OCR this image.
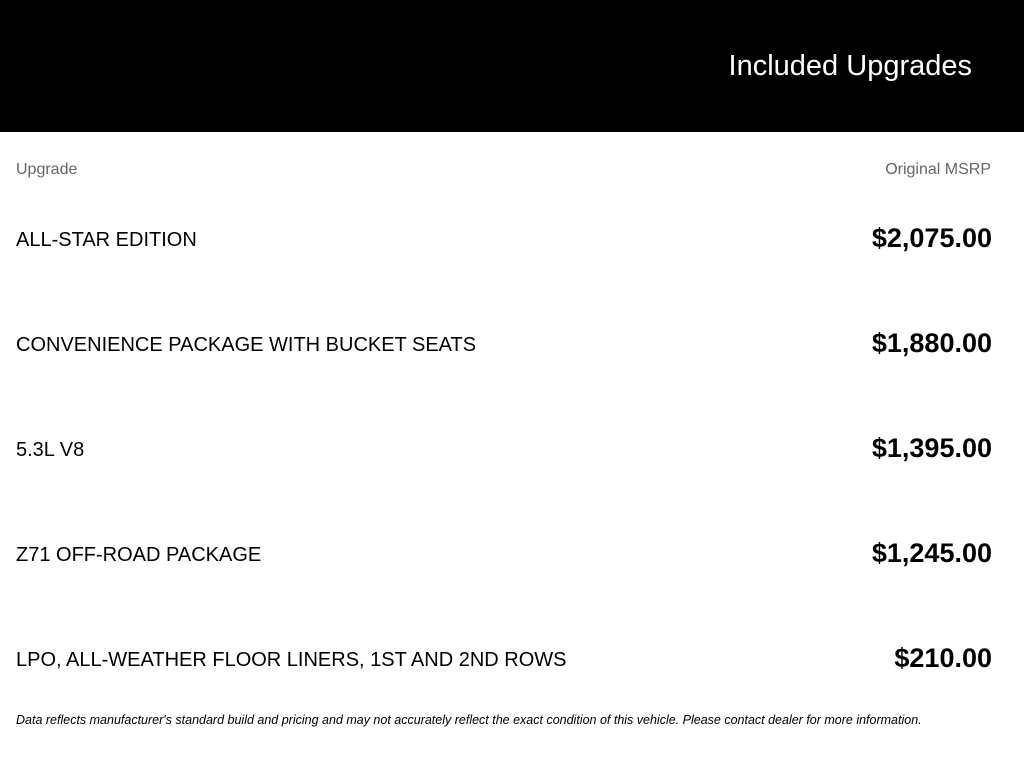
Included Upgrades
Upgrade	Original MSRP
ALL-STAR EDITION	$2,075.00
CONVENIENCE PACKAGE WITH BUCKET SEATS	$1,880.00
5.3L V8	$1,395.00
Z71 OFF-ROAD PACKAGE	$1,245.00
LPO, ALL-WEATHER FLOOR LINERS, 1ST AND 2ND ROWS	$210.00
Data reflects manufacturer's standard build and pricing and may not accurately reflect the exact condition of this vehicle. Please contact dealer for more information.
